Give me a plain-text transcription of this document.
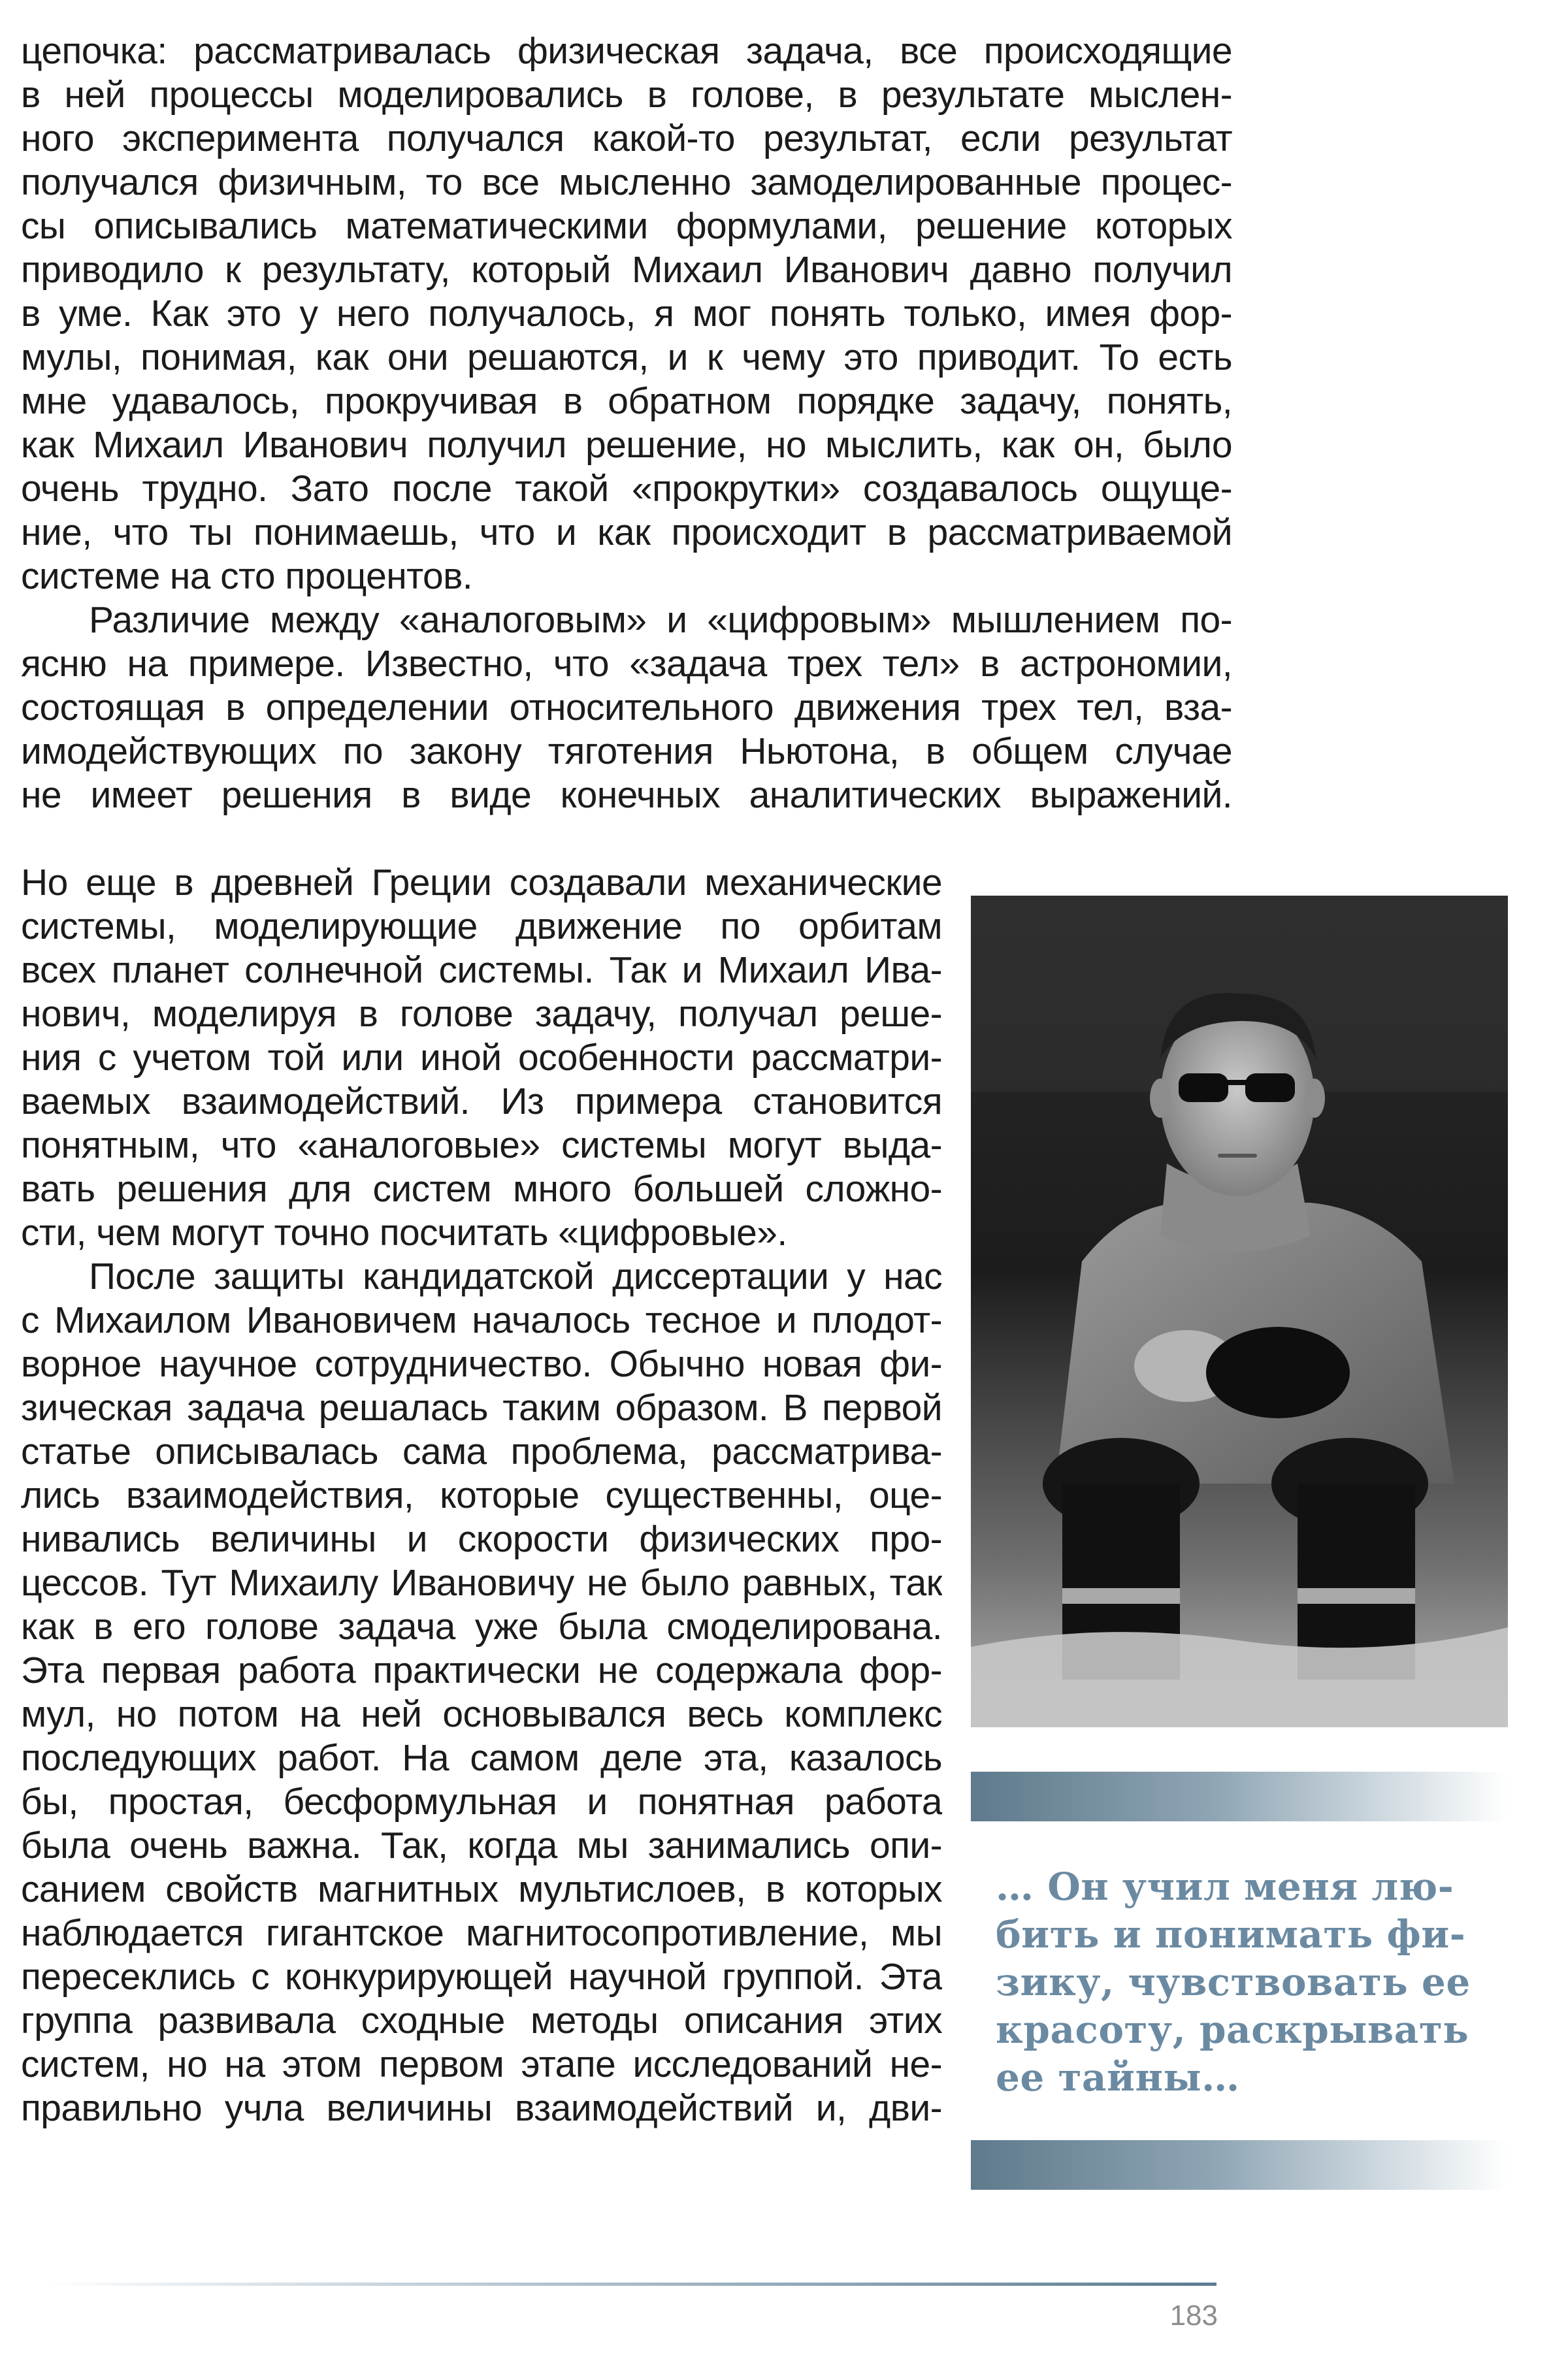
цепочка: рассматривалась физическая задача, все происходящие
в ней процессы моделировались в голове, в результате мыслен-
ного эксперимента получался какой-то результат, если результат
получался физичным, то все мысленно замоделированные процес-
сы описывались математическими формулами, решение которых
приводило к результату, который Михаил Иванович давно получил
в уме. Как это у него получалось, я мог понять только, имея фор-
мулы, понимая, как они решаются, и к чему это приводит. То есть
мне удавалось, прокручивая в обратном порядке задачу, понять,
как Михаил Иванович получил решение, но мыслить, как он, было
очень трудно. Зато после такой «прокрутки» создавалось ощуще-
ние, что ты понимаешь, что и как происходит в рассматриваемой
системе на сто процентов.
Различие между «аналоговым» и «цифровым» мышлением по-
ясню на примере. Известно, что «задача трех тел» в астрономии,
состоящая в определении относительного движения трех тел, вза-
имодействующих по закону тяготения Ньютона, в общем случае
не имеет решения в виде конечных аналитических выражений.
Но еще в древней Греции создавали механические
системы, моделирующие движение по орбитам
всех планет солнечной системы. Так и Михаил Ива-
нович, моделируя в голове задачу, получал реше-
ния с учетом той или иной особенности рассматри-
ваемых взаимодействий. Из примера становится
понятным, что «аналоговые» системы могут выда-
вать решения для систем много большей сложно-
сти, чем могут точно посчитать «цифровые».
После защиты кандидатской диссертации у нас
с Михаилом Ивановичем началось тесное и плодот-
ворное научное сотрудничество. Обычно новая фи-
зическая задача решалась таким образом. В первой
статье описывалась сама проблема, рассматрива-
лись взаимодействия, которые существенны, оце-
нивались величины и скорости физических про-
цессов. Тут Михаилу Ивановичу не было равных, так
как в его голове задача уже была смоделирована.
Эта первая работа практически не содержала фор-
мул, но потом на ней основывался весь комплекс
последующих работ. На самом деле эта, казалось
бы, простая, бесформульная и понятная работа
была очень важна. Так, когда мы занимались опи-
санием свойств магнитных мультислоев, в которых
наблюдается гигантское магнитосопротивление, мы
пересеклись с конкурирующей научной группой. Эта
группа развивала сходные методы описания этих
систем, но на этом первом этапе исследований не-
правильно учла величины взаимодействий и, дви-
… Он учил меня лю-
бить и понимать фи-
зику, чувствовать ее
красоту, раскрывать
ее тайны…
183
